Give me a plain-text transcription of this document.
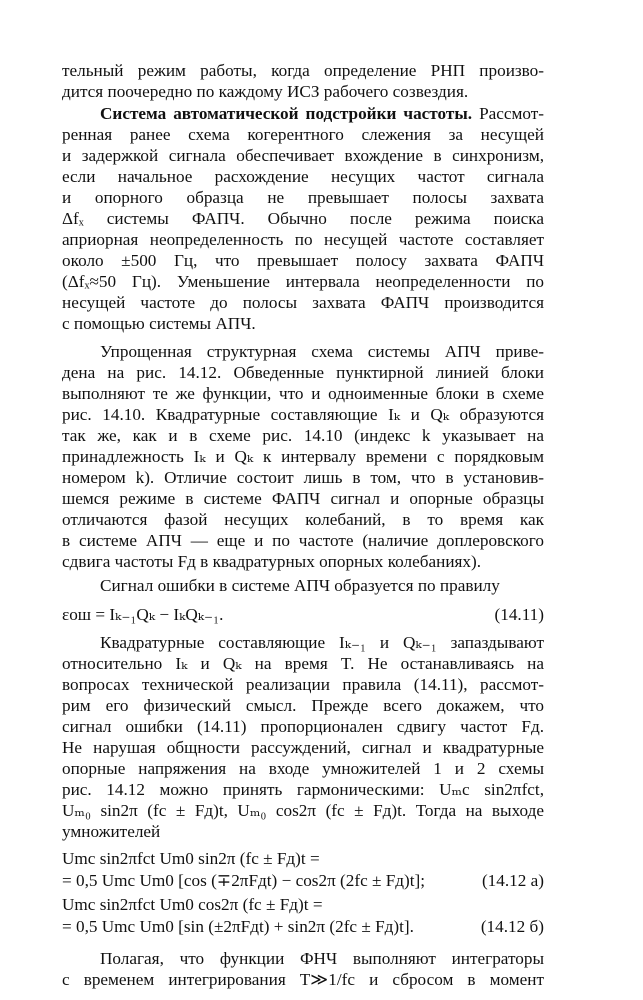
тельный режим работы, когда определение РНП произво-
дится поочередно по каждому ИСЗ рабочего созвездия.
Система автоматической подстройки частоты. Рассмот-
ренная ранее схема когерентного слежения за несущей
и задержкой сигнала обеспечивает вхождение в синхронизм,
если начальное расхождение несущих частот сигнала
и опорного образца не превышает полосы захвата
Δfₓ системы ФАПЧ. Обычно после режима поиска
априорная неопределенность по несущей частоте составляет
около ±500 Гц, что превышает полосу захвата ФАПЧ
(Δfₓ≈50 Гц). Уменьшение интервала неопределенности по
несущей частоте до полосы захвата ФАПЧ производится
с помощью системы АПЧ.
Упрощенная структурная схема системы АПЧ приве-
дена на рис. 14.12. Обведенные пунктирной линией блоки
выполняют те же функции, что и одноименные блоки в схеме
рис. 14.10. Квадратурные составляющие Iₖ и Qₖ образуются
так же, как и в схеме рис. 14.10 (индекс k указывает на
принадлежность Iₖ и Qₖ к интервалу времени с порядковым
номером k). Отличие состоит лишь в том, что в установив-
шемся режиме в системе ФАПЧ сигнал и опорные образцы
отличаются фазой несущих колебаний, в то время как
в системе АПЧ — еще и по частоте (наличие доплеровского
сдвига частоты Fд в квадратурных опорных колебаниях).
Сигнал ошибки в системе АПЧ образуется по правилу
εош = Iₖ₋₁Qₖ − IₖQₖ₋₁.	(14.11)
Квадратурные составляющие Iₖ₋₁ и Qₖ₋₁ запаздывают
относительно Iₖ и Qₖ на время T. Не останавливаясь на
вопросах технической реализации правила (14.11), рассмот-
рим его физический смысл. Прежде всего докажем, что
сигнал ошибки (14.11) пропорционален сдвигу частот Fд.
Не нарушая общности рассуждений, сигнал и квадратурные
опорные напряжения на входе умножителей 1 и 2 схемы
рис. 14.12 можно принять гармоническими: Uₘc sin2πfсt,
Uₘ₀ sin2π (fс ± Fд)t, Uₘ₀ cos2π (fс ± Fд)t. Тогда на выходе
умножителей
Umc sin2πfct Um0 sin2π (fc ± Fд)t =
= 0,5 Umc Um0 [cos (∓2πFдt) − cos2π (2fc ± Fд)t];	(14.12 а)
Umc sin2πfct Um0 cos2π (fc ± Fд)t =
= 0,5 Umc Um0 [sin (±2πFдt) + sin2π (2fc ± Fд)t].	(14.12 б)
Полагая, что функции ФНЧ выполняют интеграторы
с временем интегрирования T≫1/fс и сбросом в момент
